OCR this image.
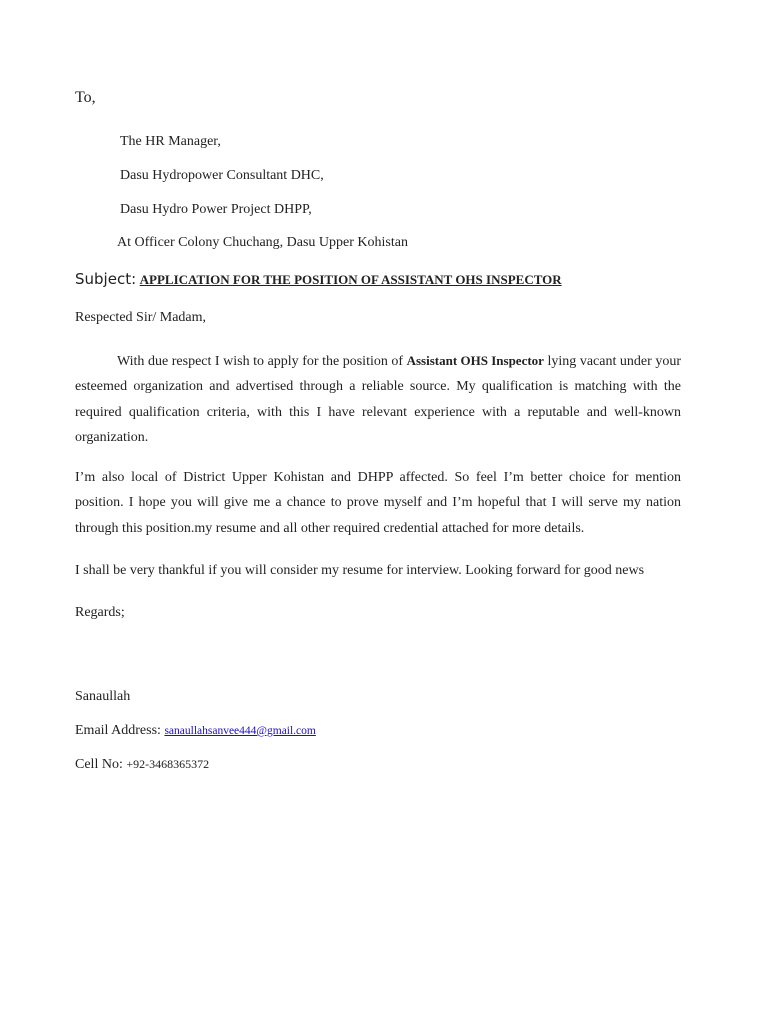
To,
The HR Manager,
Dasu Hydropower Consultant DHC,
Dasu Hydro Power Project DHPP,
At Officer Colony Chuchang, Dasu Upper Kohistan
Subject: APPLICATION FOR THE POSITION OF ASSISTANT OHS INSPECTOR
Respected Sir/ Madam,

With due respect I wish to apply for the position of Assistant OHS Inspector lying vacant under your esteemed organization and advertised through a reliable source. My qualification is matching with the required qualification criteria, with this I have relevant experience with a reputable and well-known organization.

I’m also local of District Upper Kohistan and DHPP affected. So feel I’m better choice for mention position. I hope you will give me a chance to prove myself and I’m hopeful that I will serve my nation through this position.my resume and all other required credential attached for more details.

I shall be very thankful if you will consider my resume for interview. Looking forward for good news

Regards;
Sanaullah
Email Address: sanaullahsanvee444@gmail.com
Cell No: +92-3468365372
